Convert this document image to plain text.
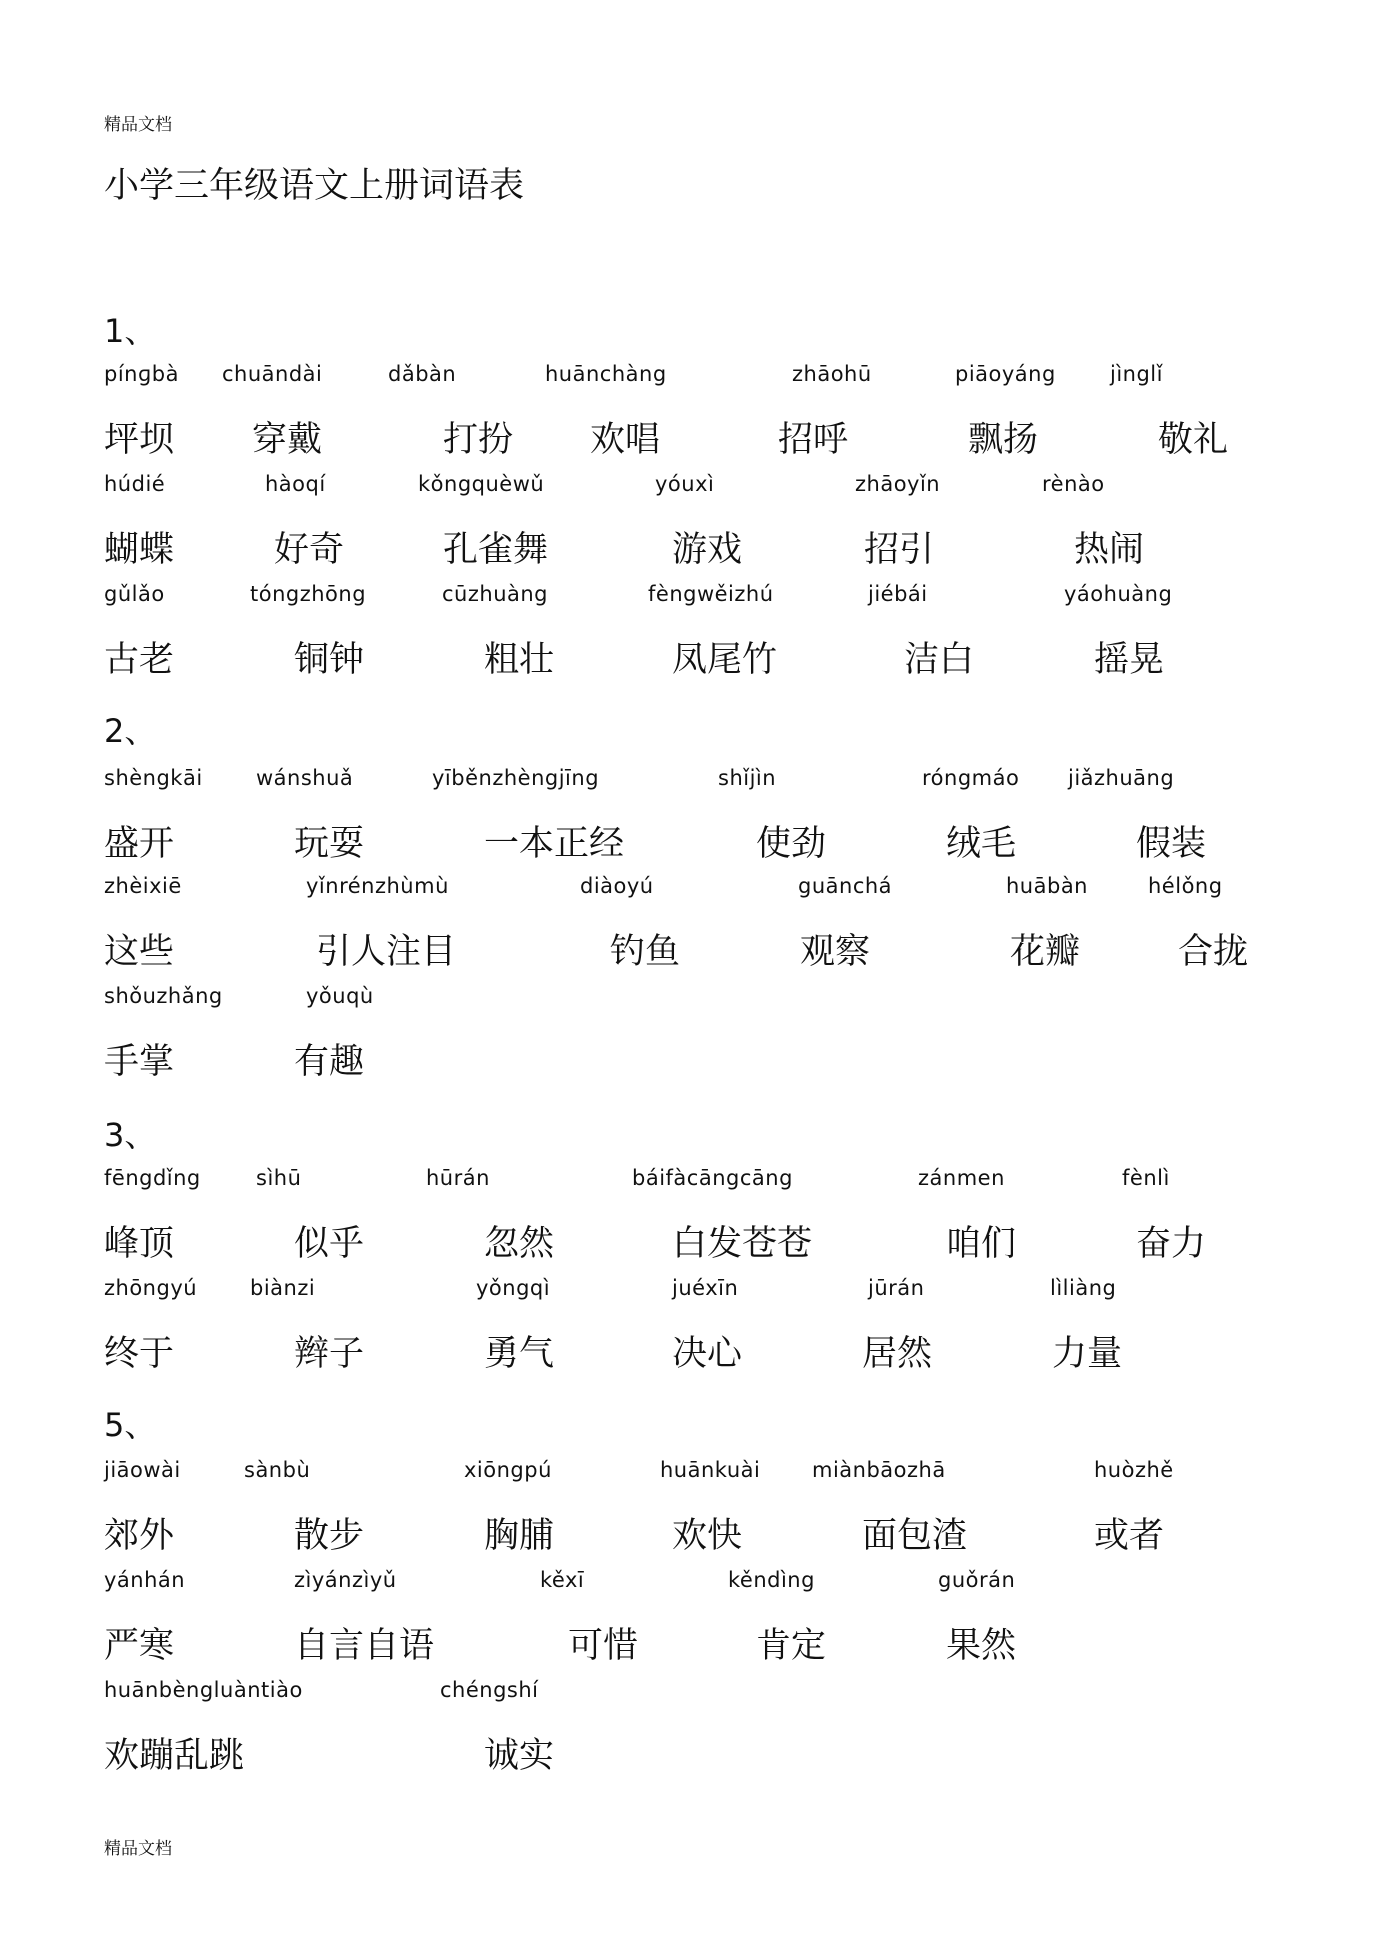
精品文档
小学三年级语文上册词语表
1、
pínɡbà
坪坝
chuāndài
穿戴
dǎbàn
打扮
huānchàng
欢唱
zhāohū
招呼
piāoyáng
飘扬
jìnglǐ
敬礼
húdié
蝴蝶
hàoqí
好奇
kǒngquèwǔ
孔雀舞
yóuxì
游戏
zhāoyǐn
招引
rènào
热闹
gǔlǎo
古老
tóngzhōng
铜钟
cūzhuàng
粗壮
fèngwěizhú
凤尾竹
jiébái
洁白
yáohuàng
摇晃
2、
shèngkāi
盛开
wánshuǎ
玩耍
yīběnzhèngjīng
一本正经
shǐjìn
使劲
róngmáo
绒毛
jiǎzhuāng
假装
zhèixiē
这些
yǐnrénzhùmù
引人注目
diàoyú
钓鱼
guānchá
观察
huābàn
花瓣
hélǒng
合拢
shǒuzhǎng
手掌
yǒuqù
有趣
3、
fēngdǐng
峰顶
sìhū
似乎
hūrán
忽然
báifàcāngcāng
白发苍苍
zánmen
咱们
fènlì
奋力
zhōngyú
终于
biànzi
辫子
yǒngqì
勇气
juéxīn
决心
jūrán
居然
lìliàng
力量
5、
jiāowài
郊外
sànbù
散步
xiōngpú
胸脯
huānkuài
欢快
miànbāozhā
面包渣
huòzhě
或者
yánhán
严寒
zìyánzìyǔ
自言自语
kěxī
可惜
kěndìng
肯定
guǒrán
果然
huānbèngluàntiào
欢蹦乱跳
chéngshí
诚实
精品文档
